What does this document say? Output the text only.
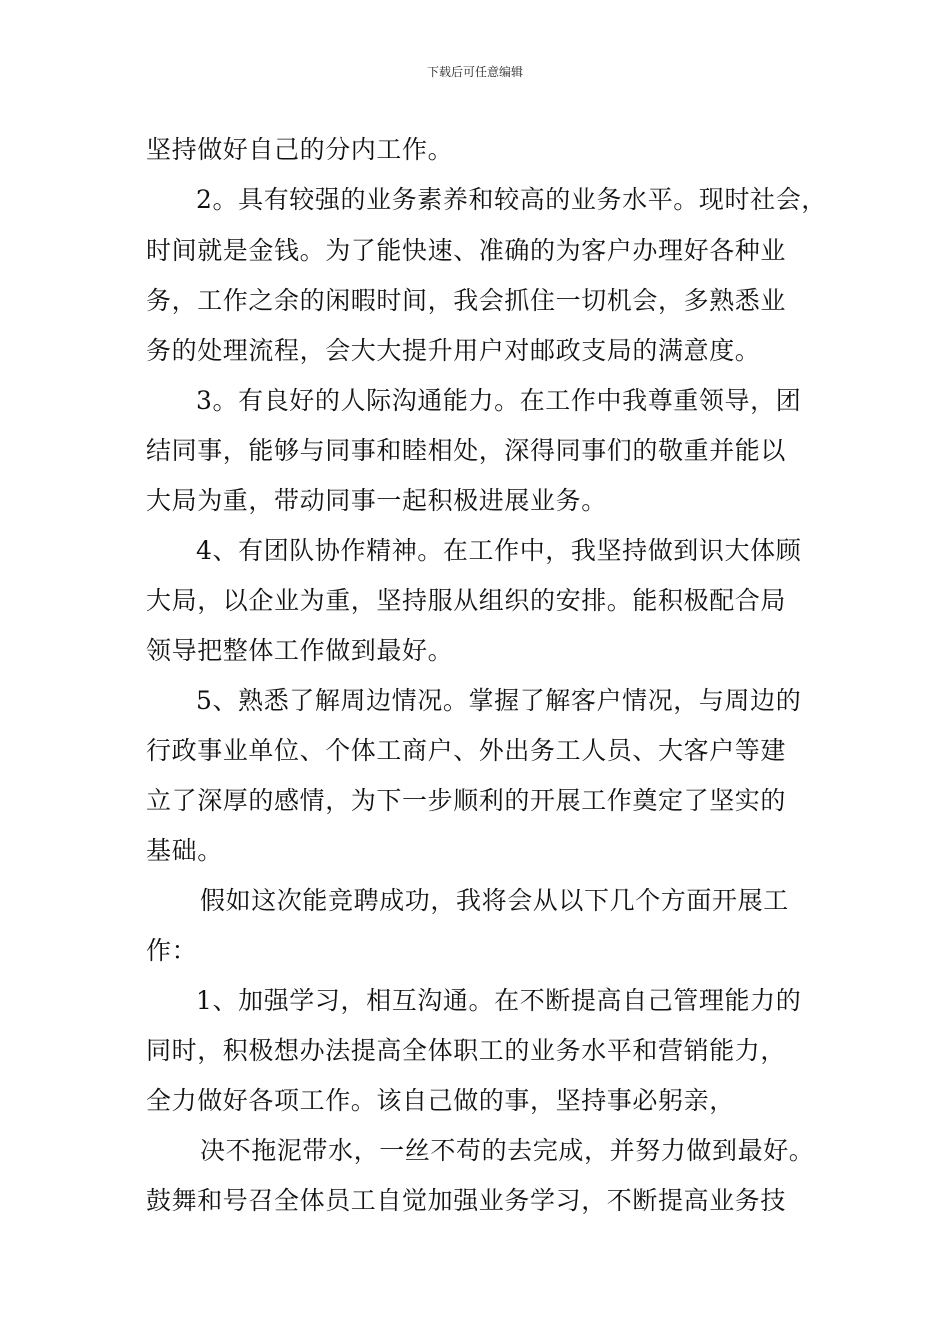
下载后可任意编辑
坚持做好自己的分内工作。
2。具有较强的业务素养和较高的业务水平。现时社会，
时间就是金钱。为了能快速、准确的为客户办理好各种业
务，工作之余的闲暇时间，我会抓住一切机会，多熟悉业
务的处理流程，会大大提升用户对邮政支局的满意度。
3。有良好的人际沟通能力。在工作中我尊重领导，团
结同事，能够与同事和睦相处，深得同事们的敬重并能以
大局为重，带动同事一起积极进展业务。
4、有团队协作精神。在工作中，我坚持做到识大体顾
大局，以企业为重，坚持服从组织的安排。能积极配合局
领导把整体工作做到最好。
5、熟悉了解周边情况。掌握了解客户情况，与周边的
行政事业单位、个体工商户、外出务工人员、大客户等建
立了深厚的感情，为下一步顺利的开展工作奠定了坚实的
基础。
假如这次能竞聘成功，我将会从以下几个方面开展工
作：
1、加强学习，相互沟通。在不断提高自己管理能力的
同时，积极想办法提高全体职工的业务水平和营销能力，
全力做好各项工作。该自己做的事，坚持事必躬亲，
决不拖泥带水，一丝不苟的去完成，并努力做到最好。
鼓舞和号召全体员工自觉加强业务学习，不断提高业务技
